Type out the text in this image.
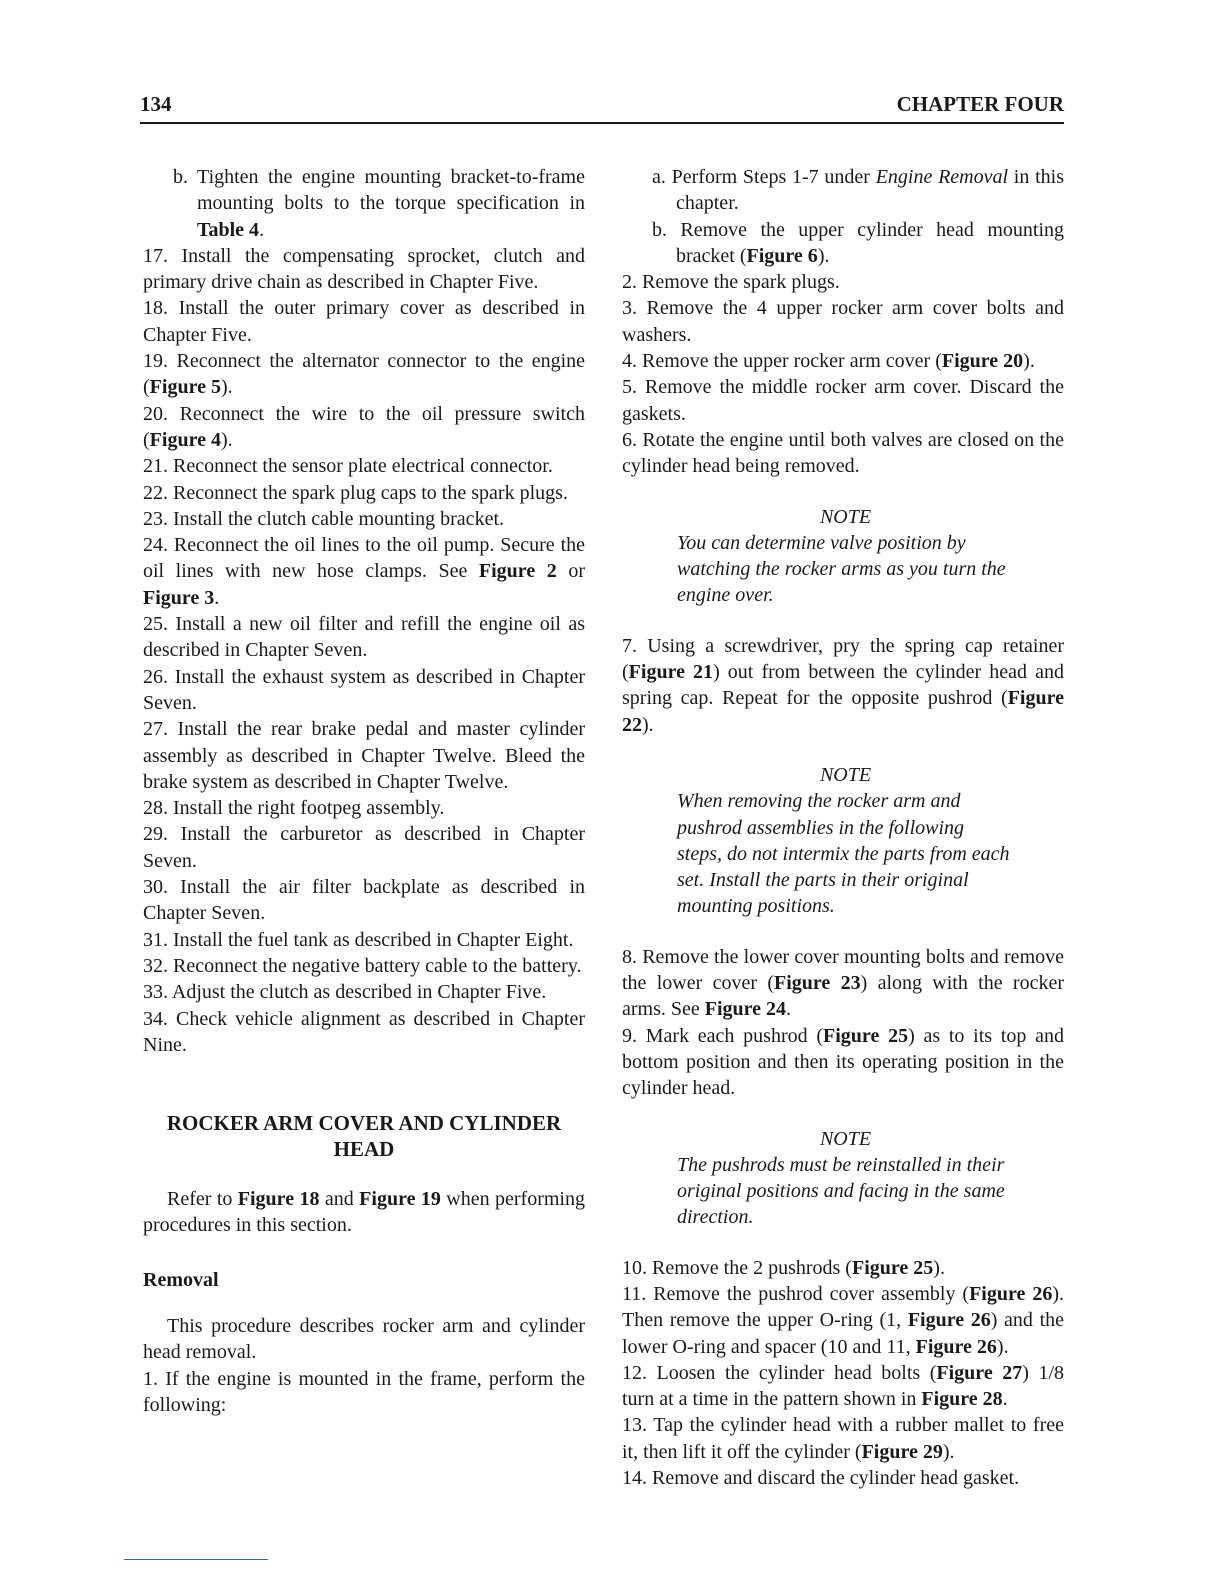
134	CHAPTER FOUR

b. Tighten the engine mounting bracket-to-frame mounting bolts to the torque specification in Table 4.

17. Install the compensating sprocket, clutch and primary drive chain as described in Chapter Five.

18. Install the outer primary cover as described in Chapter Five.

19. Reconnect the alternator connector to the engine (Figure 5).

20. Reconnect the wire to the oil pressure switch (Figure 4).

21. Reconnect the sensor plate electrical connector.

22. Reconnect the spark plug caps to the spark plugs.

23. Install the clutch cable mounting bracket.

24. Reconnect the oil lines to the oil pump. Secure the oil lines with new hose clamps. See Figure 2 or Figure 3.

25. Install a new oil filter and refill the engine oil as described in Chapter Seven.

26. Install the exhaust system as described in Chapter Seven.

27. Install the rear brake pedal and master cylinder assembly as described in Chapter Twelve. Bleed the brake system as described in Chapter Twelve.

28. Install the right footpeg assembly.

29. Install the carburetor as described in Chapter Seven.

30. Install the air filter backplate as described in Chapter Seven.

31. Install the fuel tank as described in Chapter Eight.

32. Reconnect the negative battery cable to the battery.

33. Adjust the clutch as described in Chapter Five.

34. Check vehicle alignment as described in Chapter Nine.

ROCKER ARM COVER AND CYLINDER HEAD

Refer to Figure 18 and Figure 19 when performing procedures in this section.

Removal

This procedure describes rocker arm and cylinder head removal.

1. If the engine is mounted in the frame, perform the following:

a. Perform Steps 1-7 under Engine Removal in this chapter.

b. Remove the upper cylinder head mounting bracket (Figure 6).

2. Remove the spark plugs.

3. Remove the 4 upper rocker arm cover bolts and washers.

4. Remove the upper rocker arm cover (Figure 20).

5. Remove the middle rocker arm cover. Discard the gaskets.

6. Rotate the engine until both valves are closed on the cylinder head being removed.

NOTE

You can determine valve position by watching the rocker arms as you turn the engine over.

7. Using a screwdriver, pry the spring cap retainer (Figure 21) out from between the cylinder head and spring cap. Repeat for the opposite pushrod (Figure 22).

NOTE

When removing the rocker arm and pushrod assemblies in the following steps, do not intermix the parts from each set. Install the parts in their original mounting positions.

8. Remove the lower cover mounting bolts and remove the lower cover (Figure 23) along with the rocker arms. See Figure 24.

9. Mark each pushrod (Figure 25) as to its top and bottom position and then its operating position in the cylinder head.

NOTE

The pushrods must be reinstalled in their original positions and facing in the same direction.

10. Remove the 2 pushrods (Figure 25).

11. Remove the pushrod cover assembly (Figure 26). Then remove the upper O-ring (1, Figure 26) and the lower O-ring and spacer (10 and 11, Figure 26).

12. Loosen the cylinder head bolts (Figure 27) 1/8 turn at a time in the pattern shown in Figure 28.

13. Tap the cylinder head with a rubber mallet to free it, then lift it off the cylinder (Figure 29).

14. Remove and discard the cylinder head gasket.
